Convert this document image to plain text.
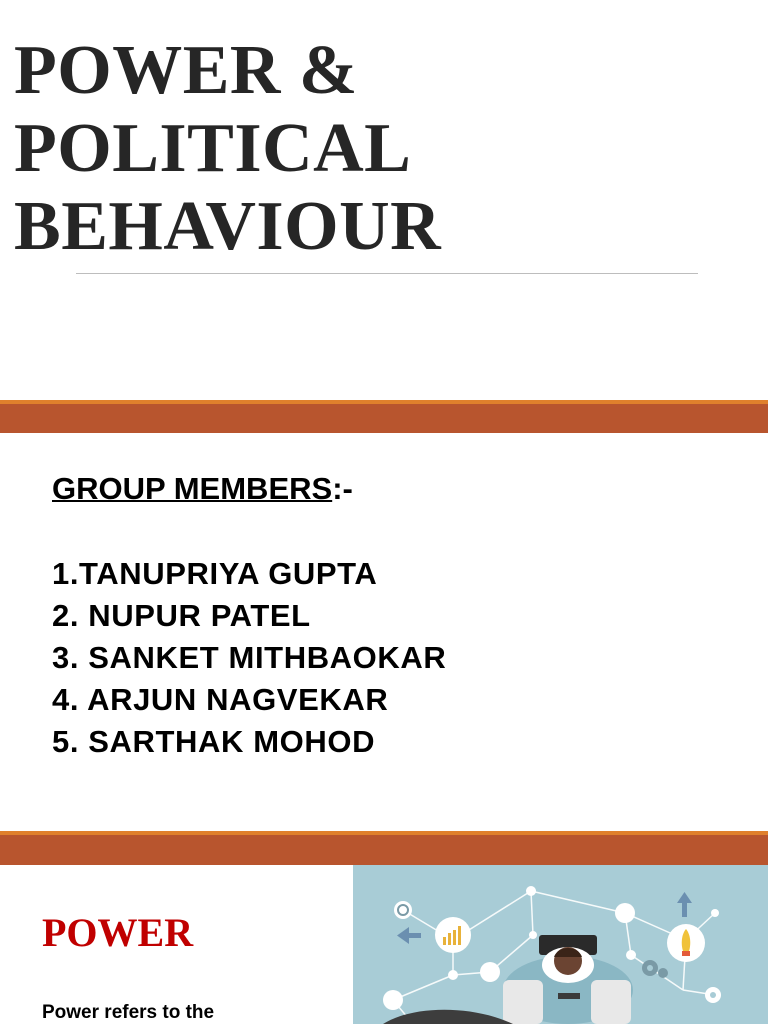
POWER &
POLITICAL
BEHAVIOUR

GROUP MEMBERS:-

1.TANUPRIYA GUPTA
2. NUPUR PATEL
3. SANKET MITHBAOKAR
4. ARJUN NAGVEKAR
5. SARTHAK MOHOD
POWER

Power refers to the
